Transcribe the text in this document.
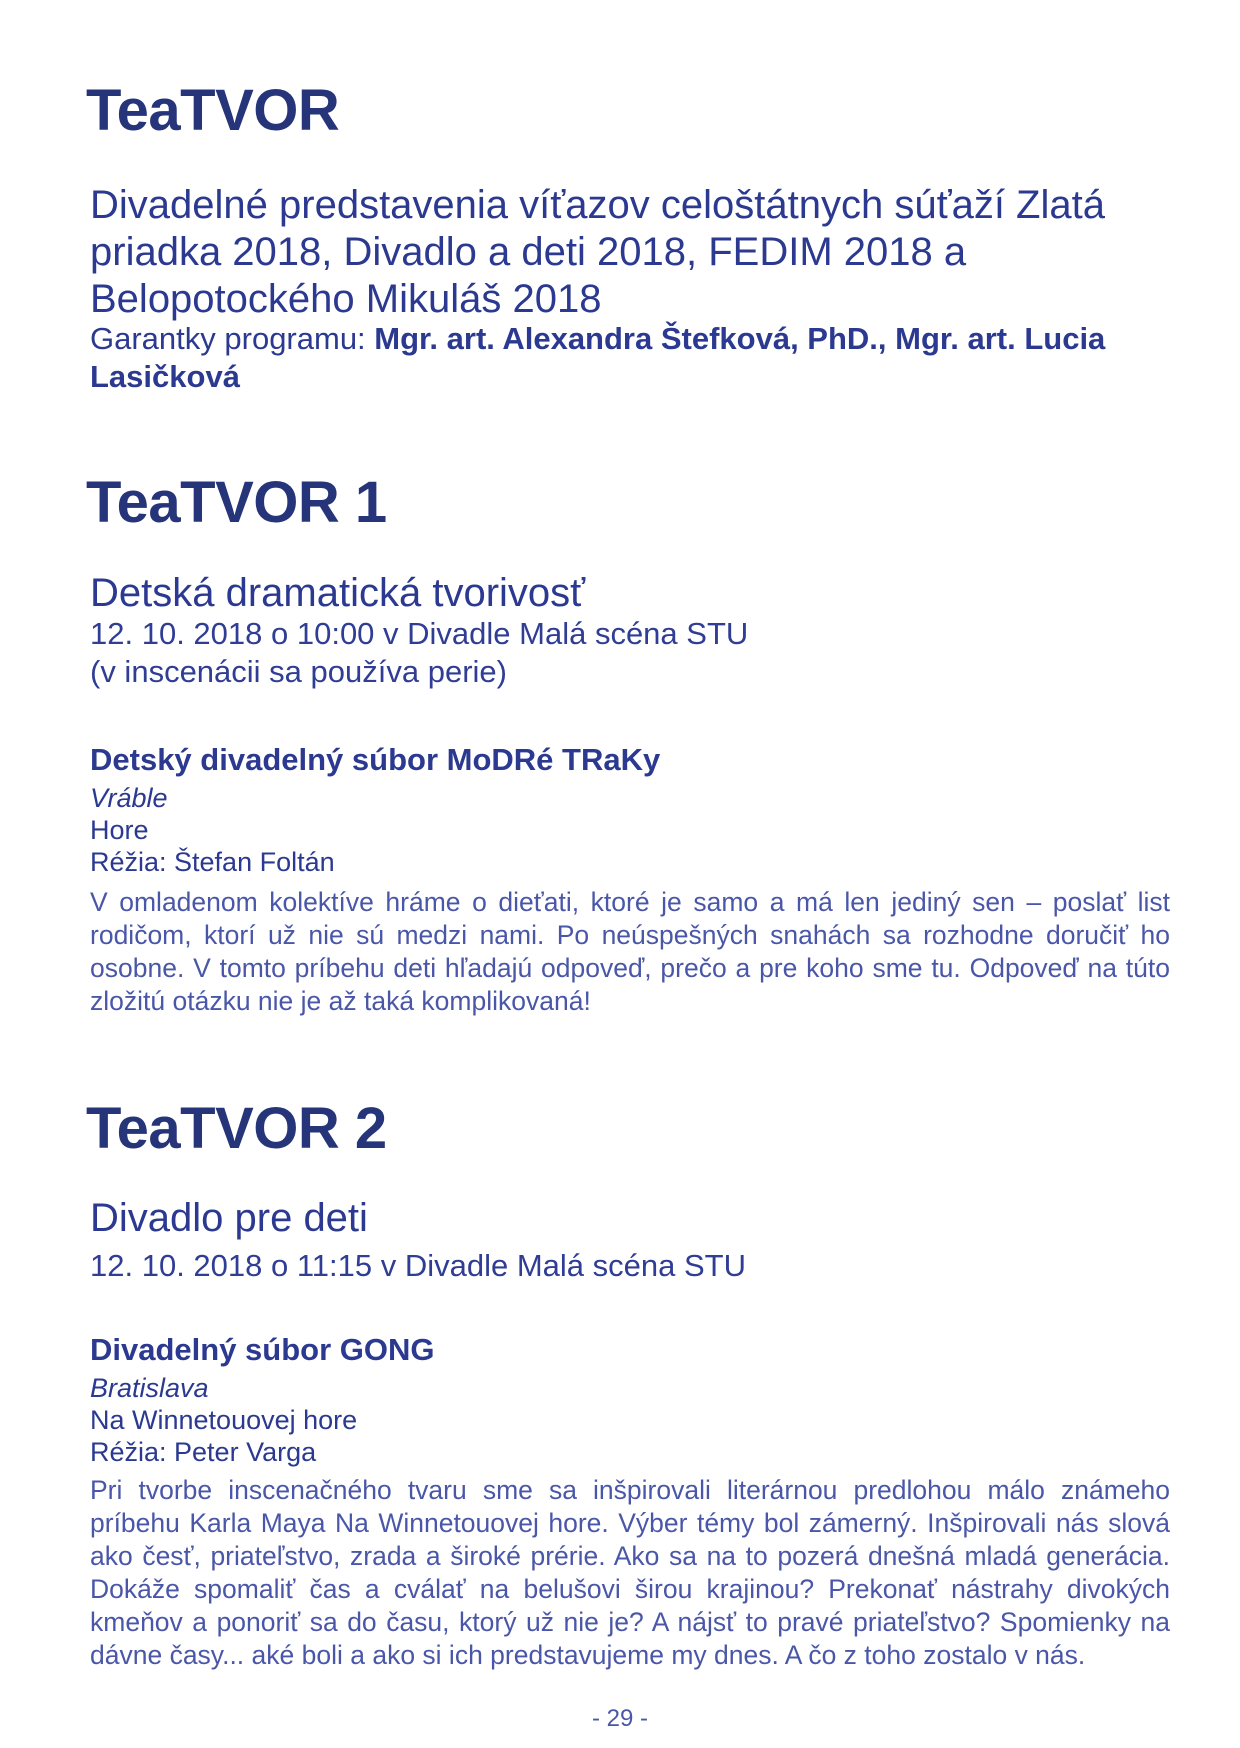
TeaTVOR

Divadelné predstavenia víťazov celoštátnych súťaží Zlatá priadka 2018, Divadlo a deti 2018, FEDIM 2018 a Belopotockého Mikuláš 2018

Garantky programu: Mgr. art. Alexandra Štefková, PhD., Mgr. art. Lucia Lasičková

TeaTVOR 1

Detská dramatická tvorivosť

12. 10. 2018 o 10:00 v Divadle Malá scéna STU
(v inscenácii sa používa perie)

Detský divadelný súbor MoDRé TRaKy

Vráble
Hore
Réžia: Štefan Foltán

V omladenom kolektíve hráme o dieťati, ktoré je samo a má len jediný sen – poslať list rodičom, ktorí už nie sú medzi nami. Po neúspešných snahách sa rozhodne doručiť ho osobne. V tomto príbehu deti hľadajú odpoveď, prečo a pre koho sme tu. Odpoveď na túto zložitú otázku nie je až taká komplikovaná!

TeaTVOR 2

Divadlo pre deti

12. 10. 2018 o 11:15 v Divadle Malá scéna STU

Divadelný súbor GONG

Bratislava
Na Winnetouovej hore
Réžia: Peter Varga

Pri tvorbe inscenačného tvaru sme sa inšpirovali literárnou predlohou málo známeho príbehu Karla Maya Na Winnetouovej hore. Výber témy bol zámerný. Inšpirovali nás slová ako česť, priateľstvo, zrada a široké prérie. Ako sa na to pozerá dnešná mladá generácia. Dokáže spomaliť čas a cválať na belušovi širou krajinou? Prekonať nástrahy divokých kmeňov a ponoriť sa do času, ktorý už nie je? A nájsť to pravé priateľstvo? Spomienky na dávne časy... aké boli a ako si ich predstavujeme my dnes. A čo z toho zostalo v nás.

- 29 -
